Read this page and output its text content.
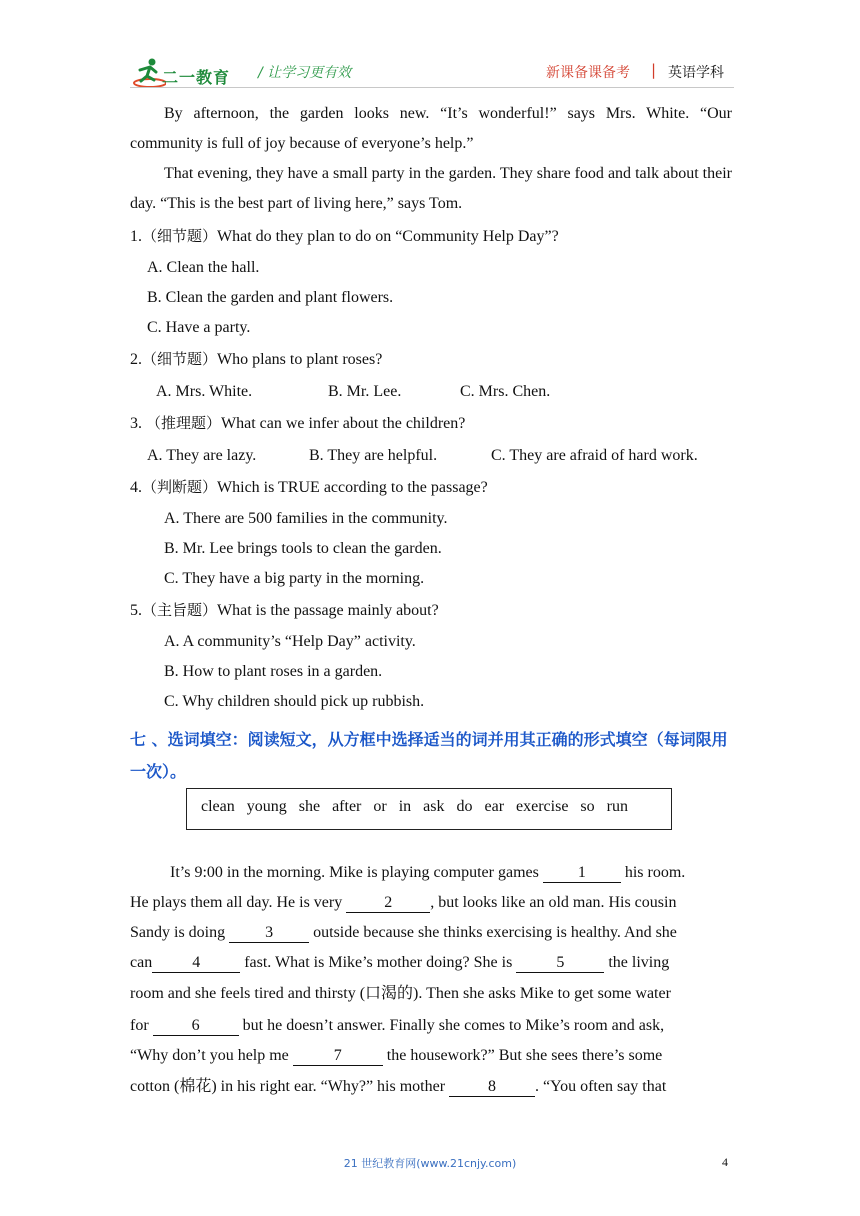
二一教育 / 让学习更有效	新课备课备考 | 英语学科
By afternoon, the garden looks new. “It’s wonderful!” says Mrs. White. “Our community is full of joy because of everyone’s help.”
That evening, they have a small party in the garden. They share food and talk about their day. “This is the best part of living here,” says Tom.
1.（细节题）What do they plan to do on “Community Help Day”?
A. Clean the hall.
B. Clean the garden and plant flowers.
C. Have a party.
2.（细节题）Who plans to plant roses?
A. Mrs. White.	B. Mr. Lee.	C. Mrs. Chen.
3. （推理题）What can we infer about the children?
A. They are lazy.	B. They are helpful.	C. They are afraid of hard work.
4.（判断题）Which is TRUE according to the passage?
A. There are 500 families in the community.
B. Mr. Lee brings tools to clean the garden.
C. They have a big party in the morning.
5.（主旨题）What is the passage mainly about?
A. A community’s “Help Day” activity.
B. How to plant roses in a garden.
C. Why children should pick up rubbish.
七 、选词填空：阅读短文，从方框中选择适当的词并用其正确的形式填空（每词限用一次）。
clean young she after or in ask do ear exercise so run
It’s 9:00 in the morning. Mike is playing computer games 1 his room.
He plays them all day. He is very	2 , but looks like an old man. His cousin
Sandy is doing	3	outside because she thinks exercising is healthy. And she
can	4	fast. What is Mike’s mother doing? She is	5	the living
room and she feels tired and thirsty (口渴的). Then she asks Mike to get some water
for	6	but he doesn’t answer. Finally she comes to Mike’s room and ask,
“Why don’t you help me	7	the housework?” But she sees there’s some
cotton (棉花) in his right ear. “Why?” his mother	8 . “You often say that
21 世纪教育网(www.21cnjy.com)	4
